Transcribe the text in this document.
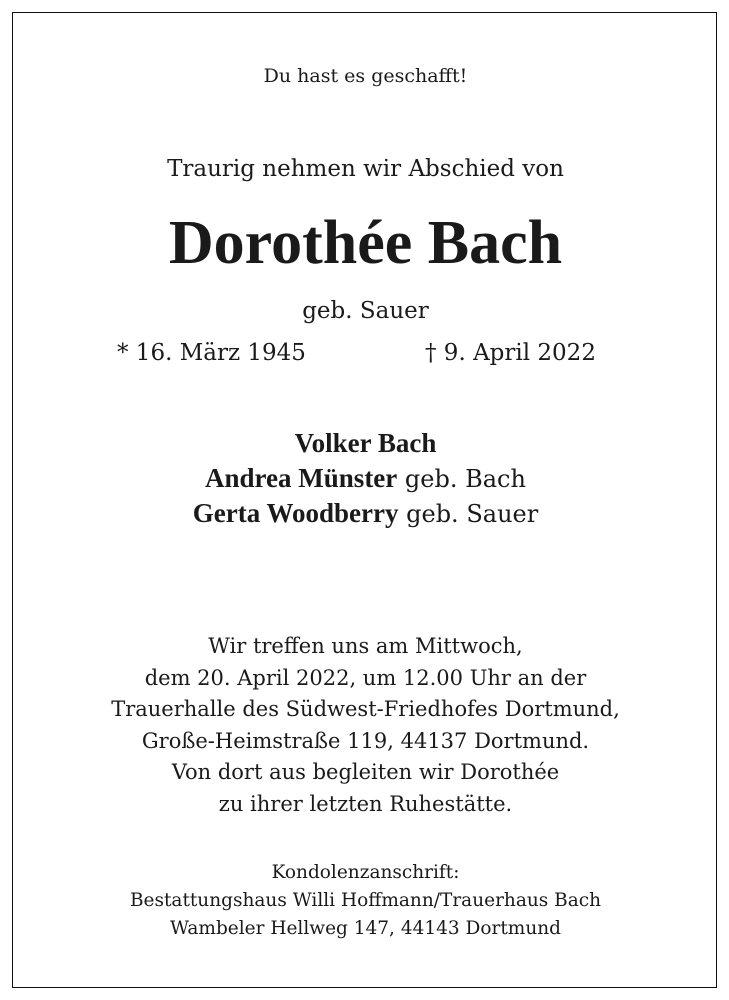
Du hast es geschafft!
Traurig nehmen wir Abschied von
Dorothée Bach
geb. Sauer
* 16. März 1945	† 9. April 2022
Volker Bach
Andrea Münster geb. Bach
Gerta Woodberry geb. Sauer
Wir treffen uns am Mittwoch,
dem 20. April 2022, um 12.00 Uhr an der
Trauerhalle des Südwest-Friedhofes Dortmund,
Große-Heimstraße 119, 44137 Dortmund.
Von dort aus begleiten wir Dorothée
zu ihrer letzten Ruhestätte.
Kondolenzanschrift:
Bestattungshaus Willi Hoffmann/Trauerhaus Bach
Wambeler Hellweg 147, 44143 Dortmund
